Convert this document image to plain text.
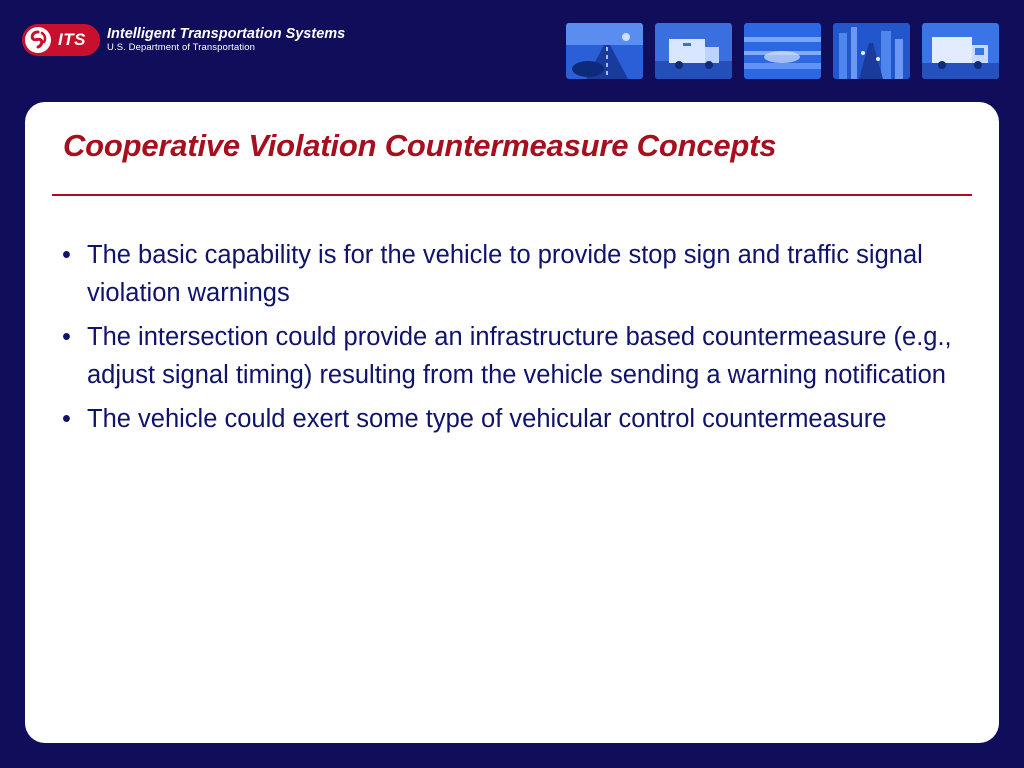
ITS Intelligent Transportation Systems
U.S. Department of Transportation
Cooperative Violation Countermeasure Concepts
• The basic capability is for the vehicle to provide stop sign and traffic signal violation warnings
• The intersection could provide an infrastructure based countermeasure (e.g., adjust signal timing) resulting from the vehicle sending a warning notification
• The vehicle could exert some type of vehicular control countermeasure
